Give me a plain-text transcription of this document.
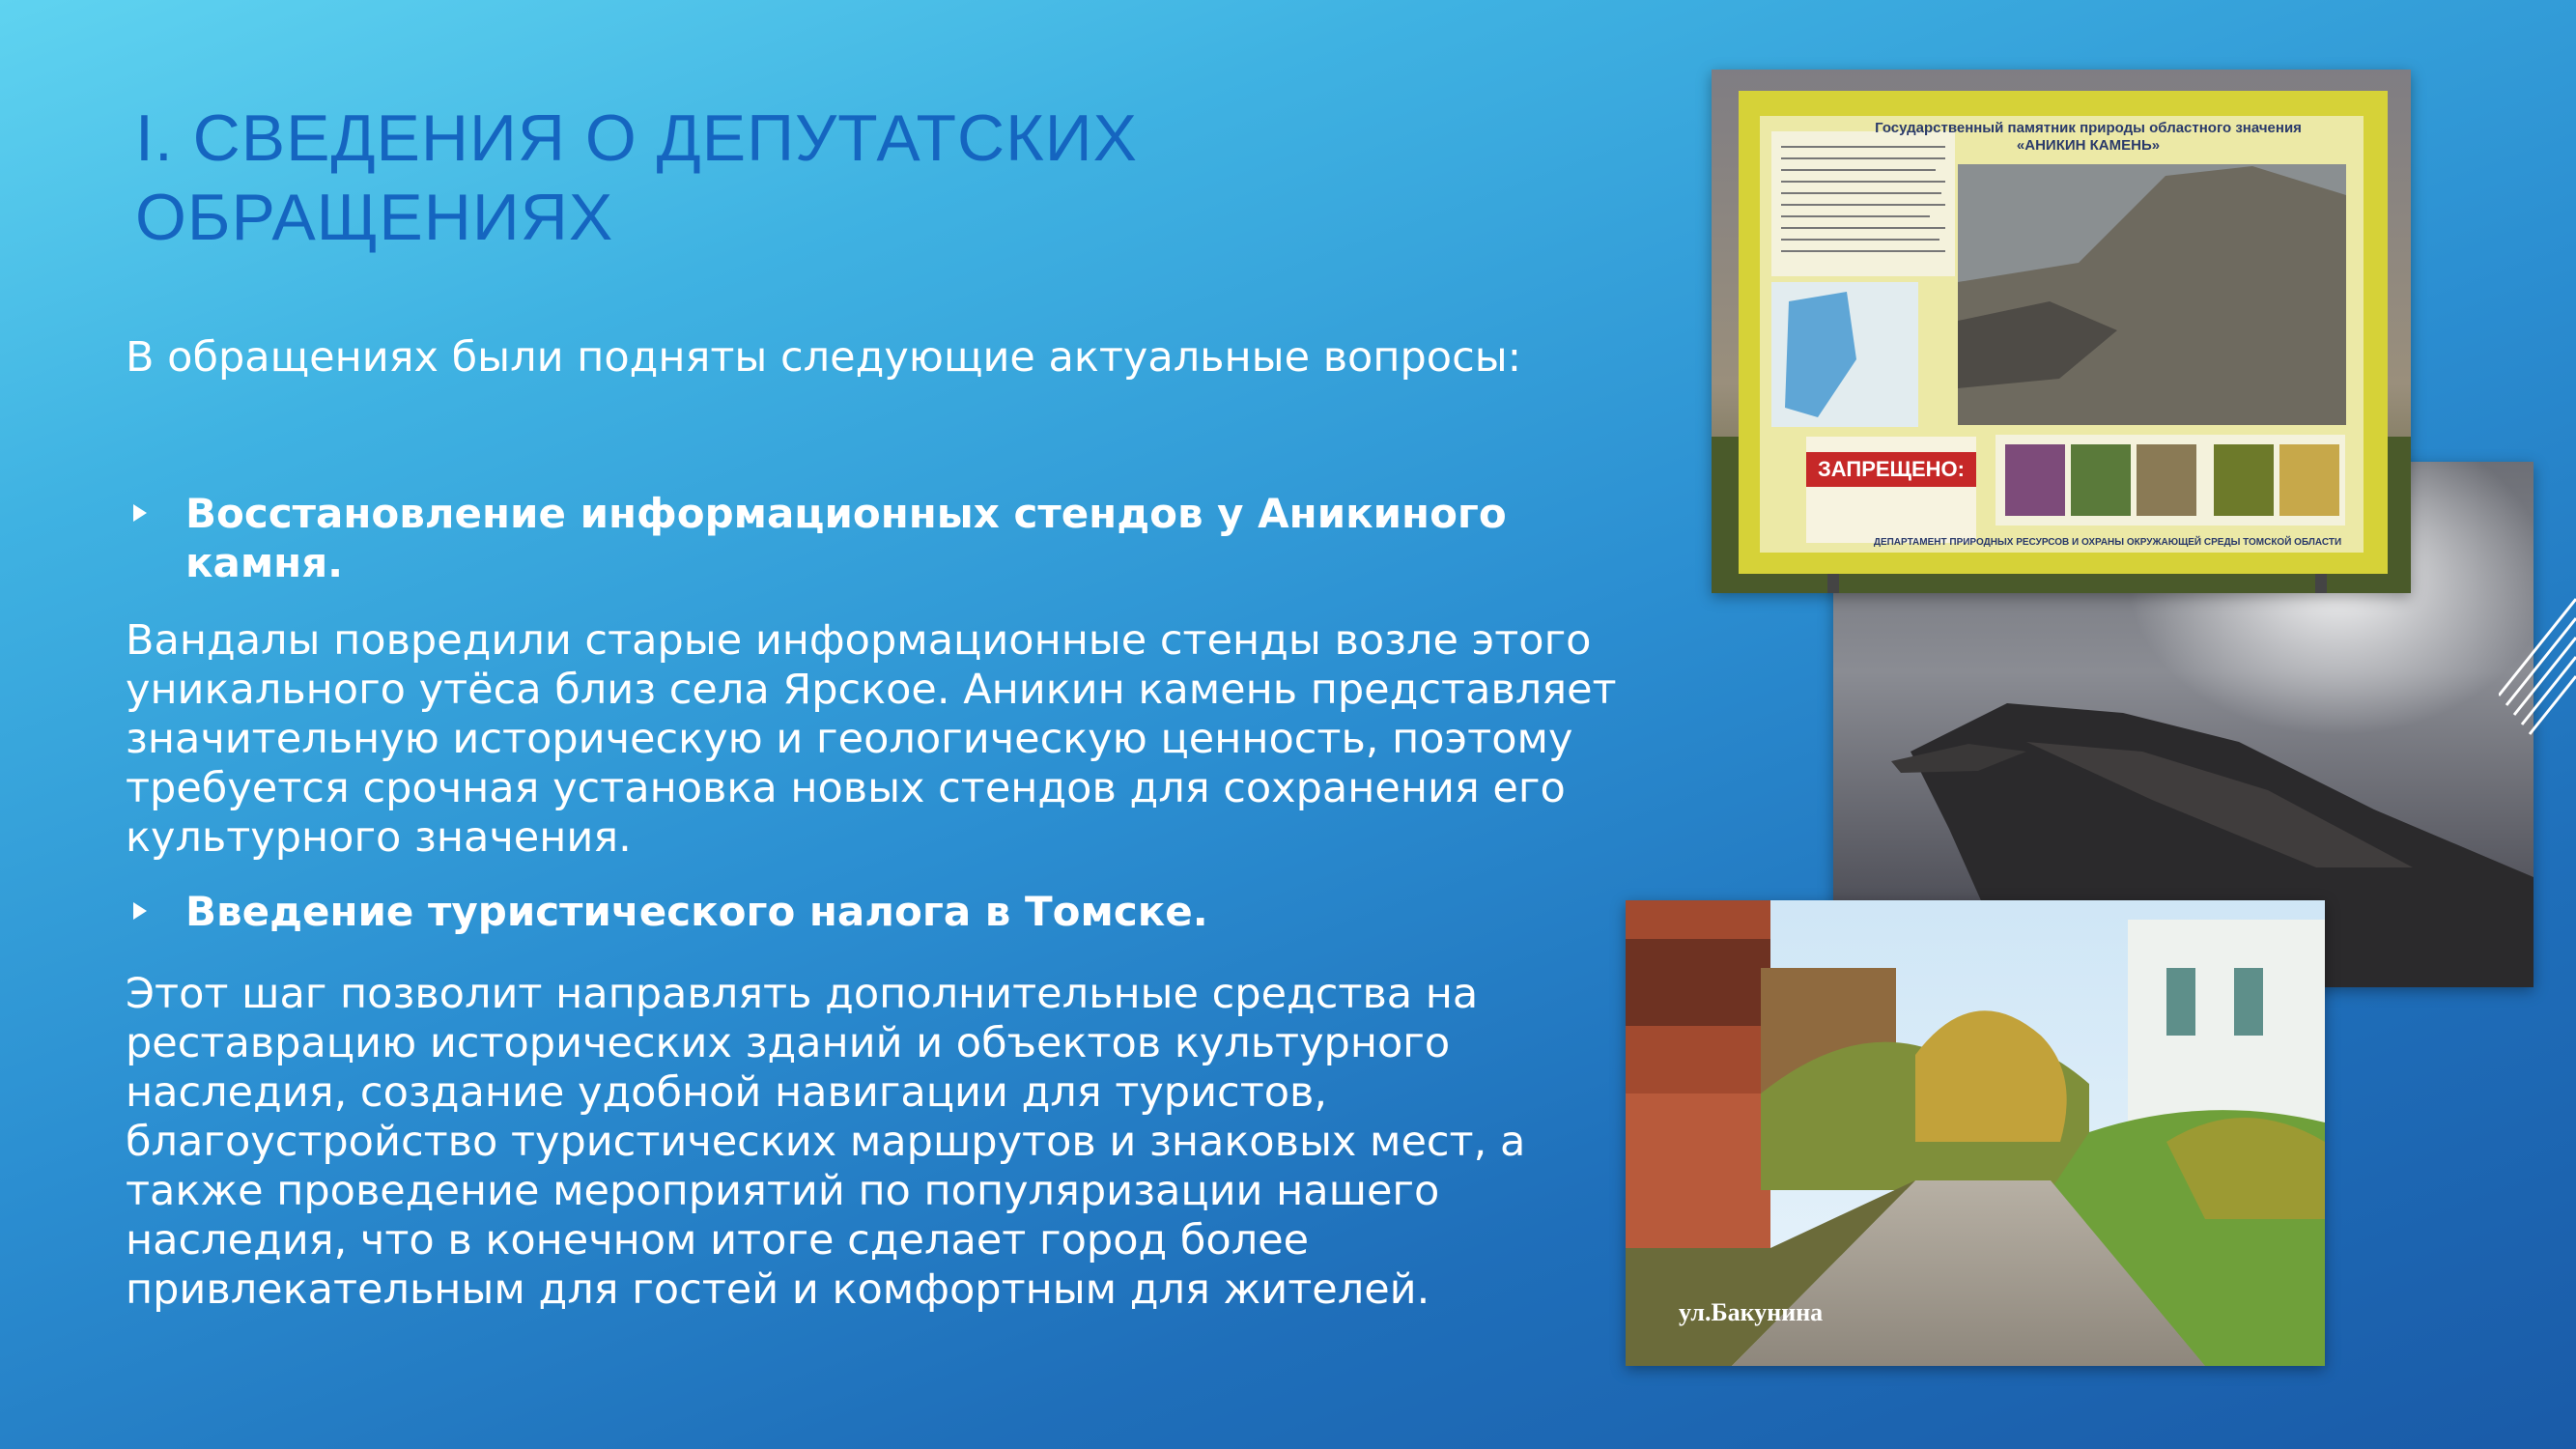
I. СВЕДЕНИЯ О ДЕПУТАТСКИХ ОБРАЩЕНИЯХ

В обращениях были подняты следующие актуальные вопросы:

Восстановление информационных стендов у Аникиного камня.

Вандалы повредили старые информационные стенды возле этого уникального утёса близ села Ярское. Аникин камень представляет значительную историческую и геологическую ценность, поэтому требуется срочная установка новых стендов для сохранения его культурного значения.

Введение туристического налога в Томске.

Этот шаг позволит направлять дополнительные средства на реставрацию исторических зданий и объектов культурного наследия, создание удобной навигации для туристов, благоустройство туристических маршрутов и знаковых мест, а также проведение мероприятий по популяризации нашего наследия, что в конечном итоге сделает город более привлекательным для гостей и комфортным для жителей.

Государственный памятник природы областного значения «АНИКИН КАМЕНЬ»
ЗАПРЕЩЕНО:
ДЕПАРТАМЕНТ ПРИРОДНЫХ РЕСУРСОВ И ОХРАНЫ ОКРУЖАЮЩЕЙ СРЕДЫ ТОМСКОЙ ОБЛАСТИ
ул.Бакунина
